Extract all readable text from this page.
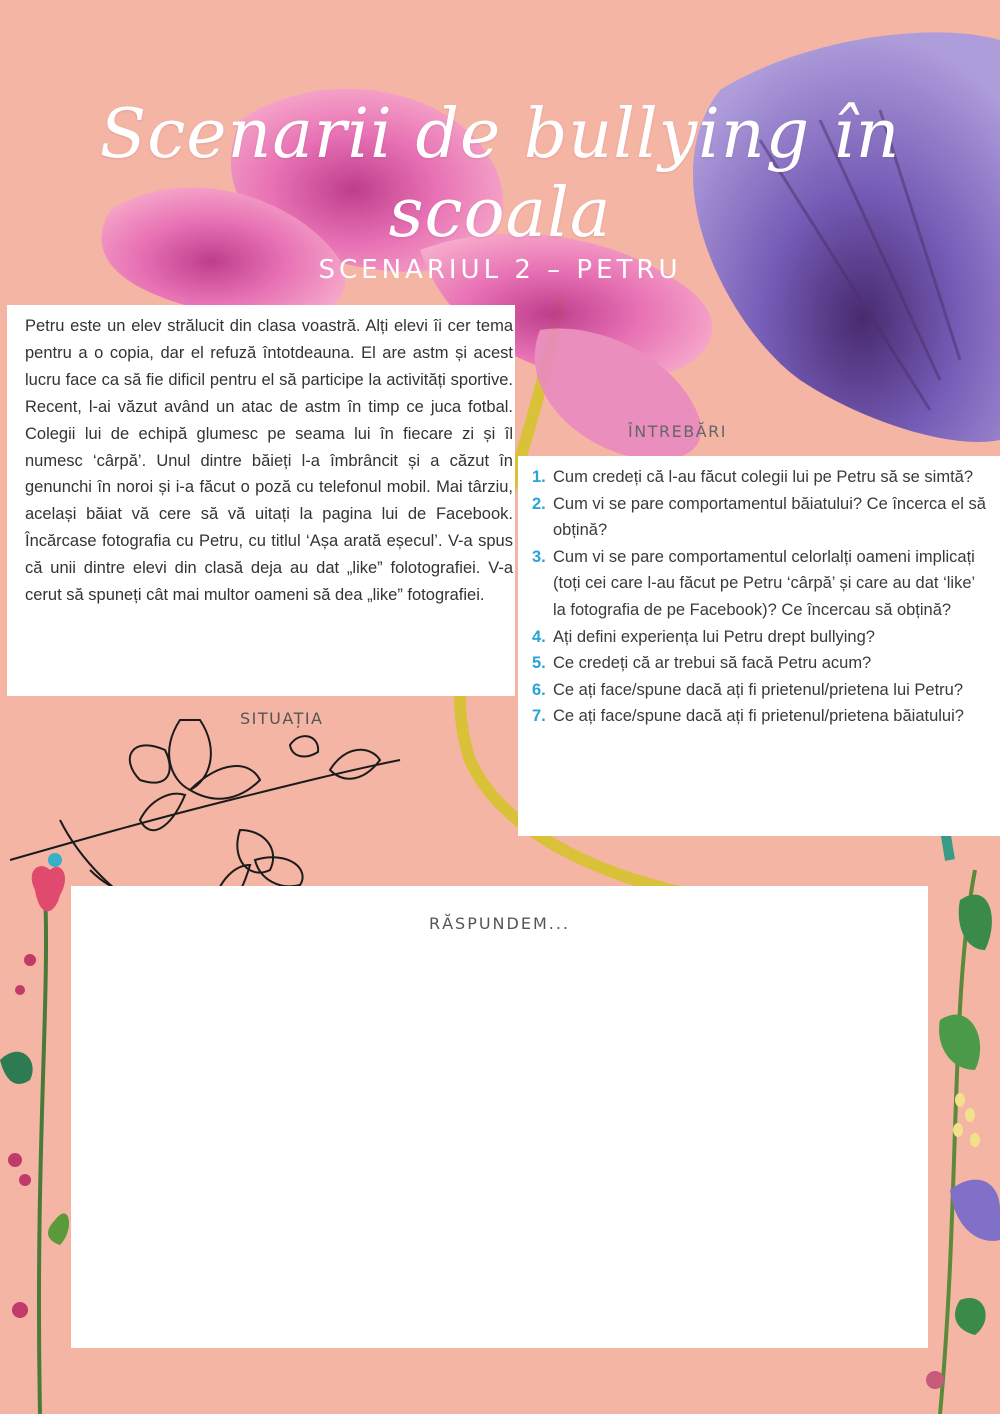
Scenarii de bullying în scoala
SCENARIUL 2 – PETRU

Petru este un elev strălucit din clasa voastră. Alți elevi îi cer tema pentru a o copia, dar el refuză întotdeauna. El are astm și acest lucru face ca să fie dificil pentru el să participe la activități sportive. Recent, l-ai văzut având un atac de astm în timp ce juca fotbal. Colegii lui de echipă glumesc pe seama lui în fiecare zi și îl numesc ‘cârpă’. Unul dintre băieți l-a îmbrâncit și a căzut în genunchi în noroi și i-a făcut o poză cu telefonul mobil. Mai târziu, același băiat vă cere să vă uitați la pagina lui de Facebook. Încărcase fotografia cu Petru, cu titlul ‘Așa arată eșecul’. V-a spus că unii dintre elevi din clasă deja au dat „like” folotografiei. V-a cerut să spuneți cât mai multor oameni să dea „like” fotografiei.

SITUAȚIA
ÎNTREBĂRI
1. Cum credeți că l-au făcut colegii lui pe Petru să se simtă?
2. Cum vi se pare comportamentul băiatului? Ce încerca el să obțină?
3. Cum vi se pare comportamentul celorlalți oameni implicați (toți cei care l-au făcut pe Petru ‘cârpă’ și care au dat ‘like’ la fotografia de pe Facebook)? Ce încercau să obțină?
4. Ați defini experiența lui Petru drept bullying?
5. Ce credeți că ar trebui să facă Petru acum?
6. Ce ați face/spune dacă ați fi prietenul/prietena lui Petru?
7. Ce ați face/spune dacă ați fi prietenul/prietena băiatului?
RĂSPUNDEM...
